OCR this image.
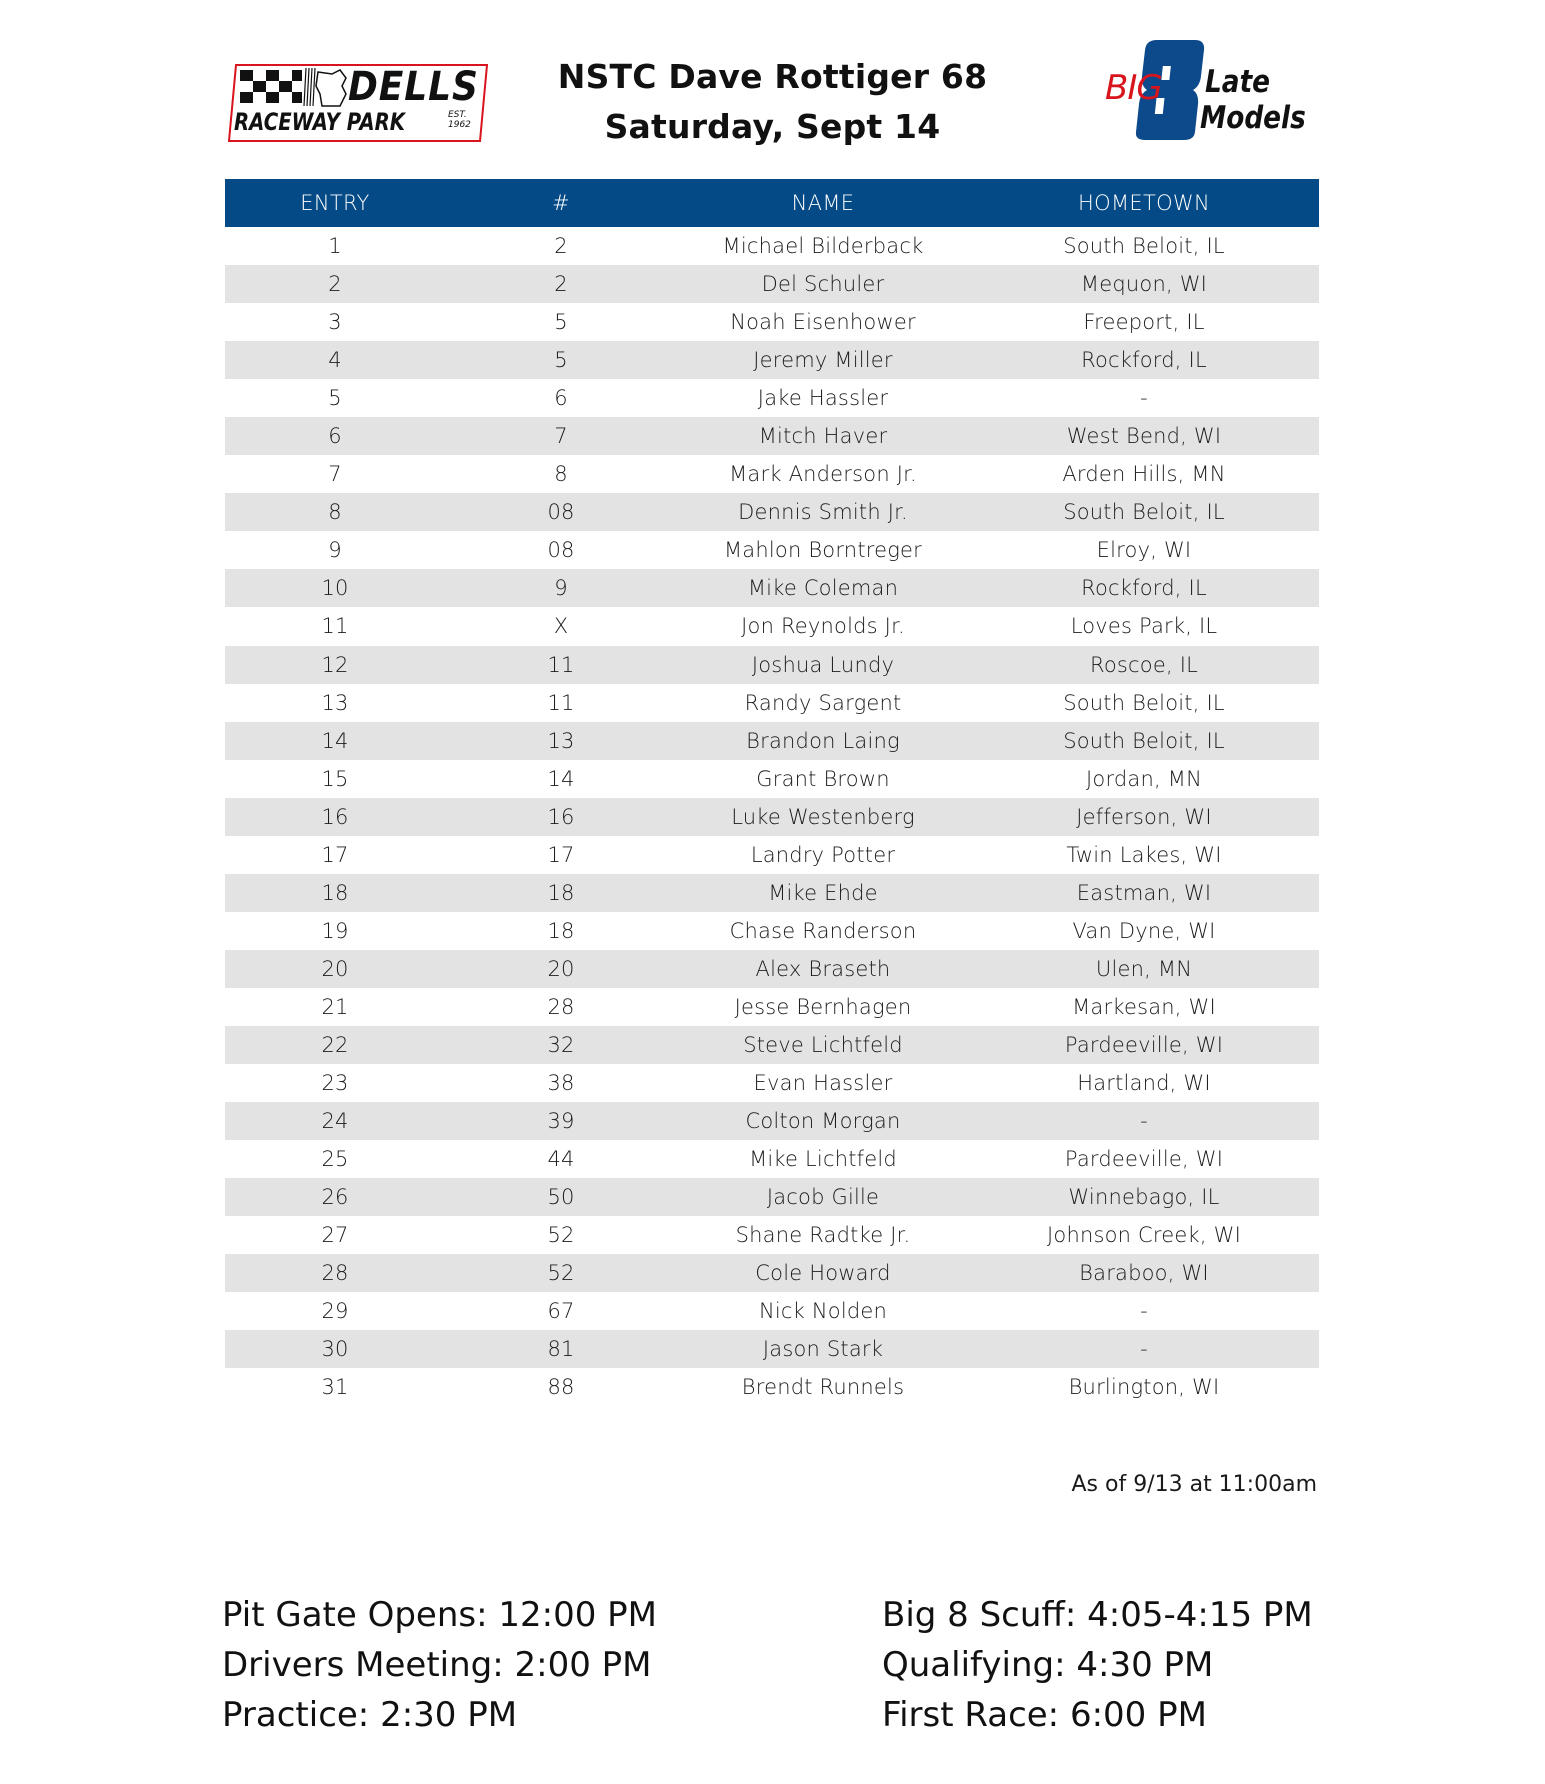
DELLS
RACEWAY PARK	EST.
1962
NSTC Dave Rottiger 68
Saturday, Sept 14
BIG Late
Models
ENTRY	#	NAME	HOMETOWN
1	2	Michael Bilderback	South Beloit, IL
2	2	Del Schuler	Mequon, WI
3	5	Noah Eisenhower	Freeport, IL
4	5	Jeremy Miller	Rockford, IL
5	6	Jake Hassler	-
6	7	Mitch Haver	West Bend, WI
7	8	Mark Anderson Jr.	Arden Hills, MN
8	08	Dennis Smith Jr.	South Beloit, IL
9	08	Mahlon Borntreger	Elroy, WI
10	9	Mike Coleman	Rockford, IL
11	X	Jon Reynolds Jr.	Loves Park, IL
12	11	Joshua Lundy	Roscoe, IL
13	11	Randy Sargent	South Beloit, IL
14	13	Brandon Laing	South Beloit, IL
15	14	Grant Brown	Jordan, MN
16	16	Luke Westenberg	Jefferson, WI
17	17	Landry Potter	Twin Lakes, WI
18	18	Mike Ehde	Eastman, WI
19	18	Chase Randerson	Van Dyne, WI
20	20	Alex Braseth	Ulen, MN
21	28	Jesse Bernhagen	Markesan, WI
22	32	Steve Lichtfeld	Pardeeville, WI
23	38	Evan Hassler	Hartland, WI
24	39	Colton Morgan	-
25	44	Mike Lichtfeld	Pardeeville, WI
26	50	Jacob Gille	Winnebago, IL
27	52	Shane Radtke Jr.	Johnson Creek, WI
28	52	Cole Howard	Baraboo, WI
29	67	Nick Nolden	-
30	81	Jason Stark	-
31	88	Brendt Runnels	Burlington, WI
As of 9/13 at 11:00am
Pit Gate Opens: 12:00 PM
Drivers Meeting: 2:00 PM
Practice: 2:30 PM
Big 8 Scuff: 4:05-4:15 PM
Qualifying: 4:30 PM
First Race: 6:00 PM
